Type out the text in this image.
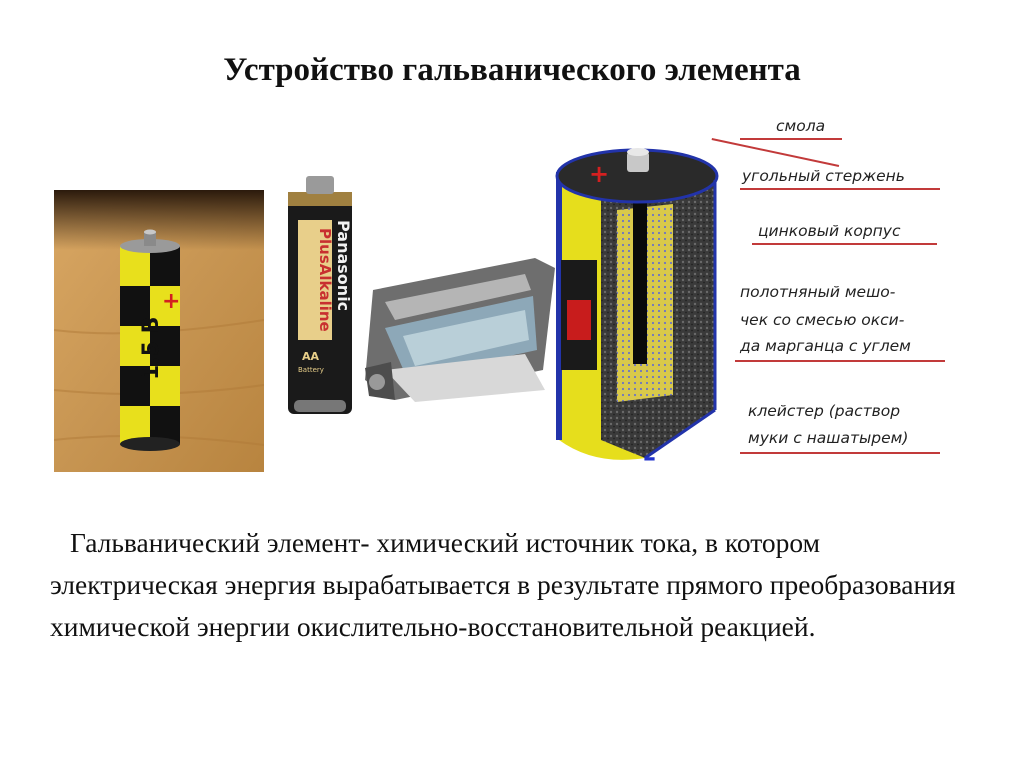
Устройство гальванического элемента
+
1,5 В
PlusAlkaline Panasonic
AA
Battery
+
–
смола
угольный стержень
цинковый корпус
полотняный мешо-
чек со смесью окси-
да марганца с углем
клейстер (раствор
муки с нашатырем)
Гальванический элемент- химический источник тока, в котором электрическая энергия вырабатывается в результате прямого преобразования химической энергии окислительно-восстановительной реакцией.
